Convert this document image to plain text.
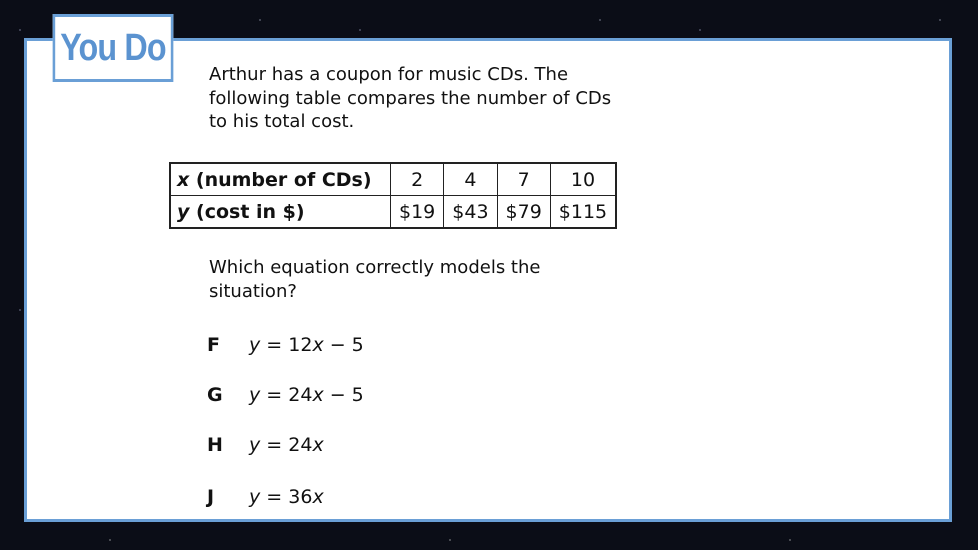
You Do

Arthur has a coupon for music CDs. The following table compares the number of CDs to his total cost.

x (number of CDs)	2	4	7	10
y (cost in $)	$19	$43	$79	$115

Which equation correctly models the situation?

F	y = 12x − 5
G	y = 24x − 5
H	y = 24x
J	y = 36x
